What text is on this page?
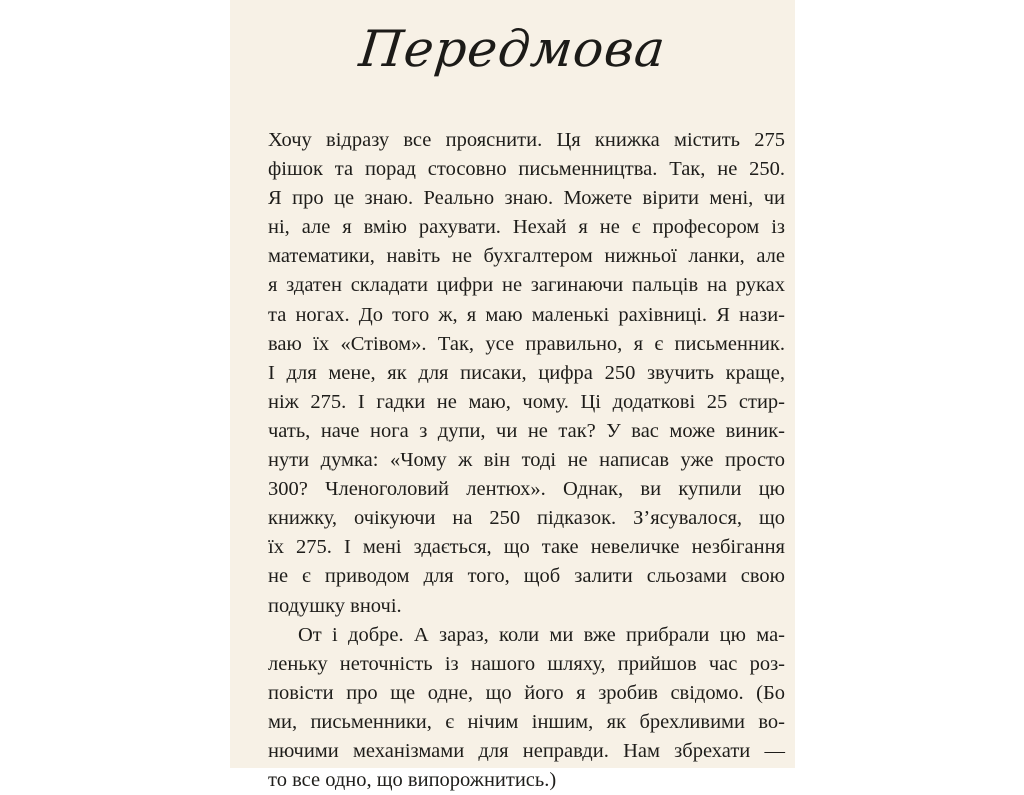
Передмова
Хочу відразу все прояснити. Ця книжка містить 275
фішок та порад стосовно письменництва. Так, не 250.
Я про це знаю. Реально знаю. Можете вірити мені, чи
ні, але я вмію рахувати. Нехай я не є професором із
математики, навіть не бухгалтером нижньої ланки, але
я здатен складати цифри не загинаючи пальців на руках
та ногах. До того ж, я маю маленькі рахівниці. Я нази-
ваю їх «Стівом». Так, усе правильно, я є письменник.
І для мене, як для писаки, цифра 250 звучить краще,
ніж 275. І гадки не маю, чому. Ці додаткові 25 стир-
чать, наче нога з дупи, чи не так? У вас може виник-
нути думка: «Чому ж він тоді не написав уже просто
300? Членоголовий лентюх». Однак, ви купили цю
книжку, очікуючи на 250 підказок. З’ясувалося, що
їх 275. І мені здається, що таке невеличке незбігання
не є приводом для того, щоб залити сльозами свою
подушку вночі.
От і добре. А зараз, коли ми вже прибрали цю ма-
леньку неточність із нашого шляху, прийшов час роз-
повісти про ще одне, що його я зробив свідомо. (Бо
ми, письменники, є нічим іншим, як брехливими во-
нючими механізмами для неправди. Нам збрехати —
то все одно, що випорожнитись.)
